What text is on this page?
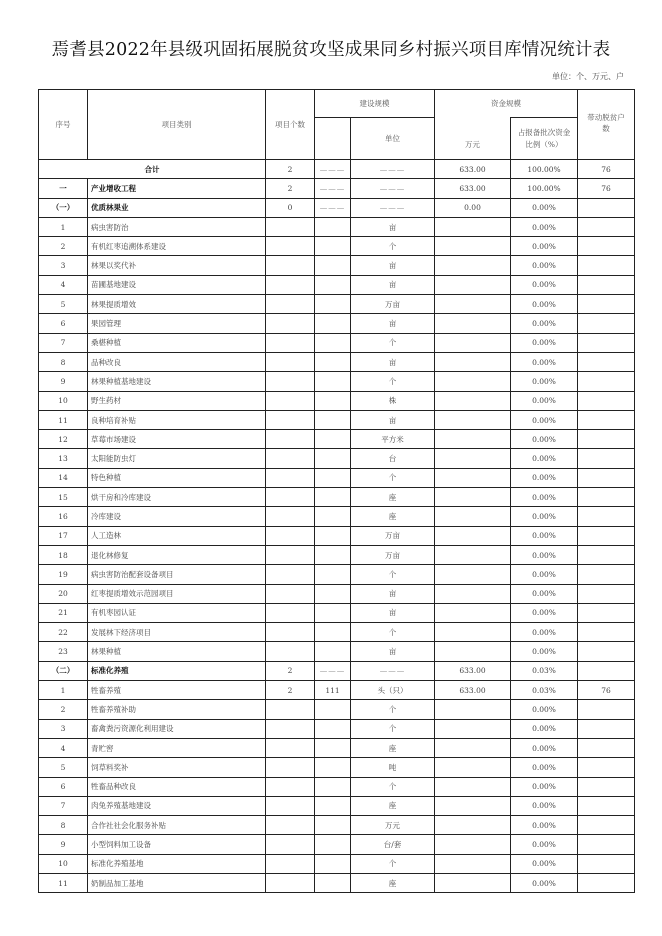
焉耆县2022年县级巩固拓展脱贫攻坚成果同乡村振兴项目库情况统计表
单位：个、万元、户
序号	项目类别	项目个数	建设规模		资金规模		带动脱贫户数
				单位	万元	占报备批次资金比例（%）	
合计		2	———	———	633.00	100.00%	76
一	产业增收工程	2	———	———	633.00	100.00%	76
（一）	优质林果业	0	———	———	0.00	0.00%	
1	病虫害防治			亩		0.00%	
2	有机红枣追溯体系建设			个		0.00%	
3	林果以奖代补			亩		0.00%	
4	苗圃基地建设			亩		0.00%	
5	林果提质增效			万亩		0.00%	
6	果园管理			亩		0.00%	
7	桑椹种植			个		0.00%	
8	品种改良			亩		0.00%	
9	林果种植基地建设			个		0.00%	
10	野生药材			株		0.00%	
11	良种培育补贴			亩		0.00%	
12	草莓市场建设			平方米		0.00%	
13	太阳能防虫灯			台		0.00%	
14	特色种植			个		0.00%	
15	烘干房和冷库建设			座		0.00%	
16	冷库建设			座		0.00%	
17	人工造林			万亩		0.00%	
18	退化林修复			万亩		0.00%	
19	病虫害防治配套设备项目			个		0.00%	
20	红枣提质增效示范园项目			亩		0.00%	
21	有机枣园认证			亩		0.00%	
22	发展林下经济项目			个		0.00%	
23	林果种植			亩		0.00%	
（二）	标准化养殖	2	———	———	633.00	0.03%	
1	牲畜养殖	2	111	头（只）	633.00	0.03%	76
2	牲畜养殖补助			个		0.00%	
3	畜禽粪污资源化利用建设			个		0.00%	
4	青贮窖			座		0.00%	
5	饲草料奖补			吨		0.00%	
6	牲畜品种改良			个		0.00%	
7	肉兔养殖基地建设			座		0.00%	
8	合作社社会化服务补贴			万元		0.00%	
9	小型饲料加工设备			台/套		0.00%	
10	标准化养殖基地			个		0.00%	
11	奶制品加工基地			座		0.00%	
